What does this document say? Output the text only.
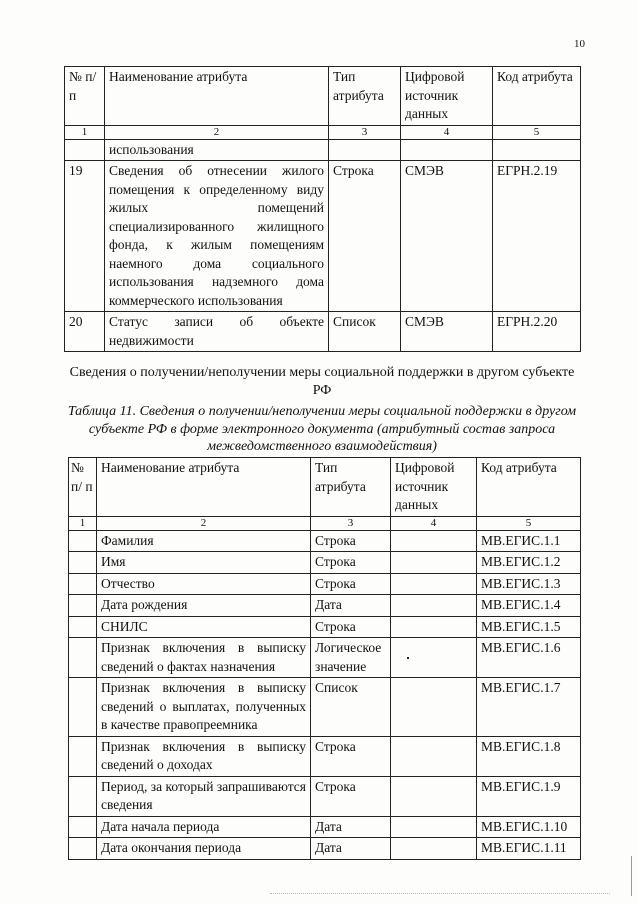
10
№ п/п	Наименование атрибута	Тип атрибута	Цифровой источник данных	Код атрибута
1	2	3	4	5
	использования			
19	Сведения об отнесении жилого помещения к определенному виду жилых помещений специализированного жилищного фонда, к жилым помещениям наемного дома социального использования надземного дома коммерческого использования	Строка	СМЭВ	ЕГРН.2.19
20	Статус записи об объекте недвижимости	Список	СМЭВ	ЕГРН.2.20
Сведения о получении/неполучении меры социальной поддержки в другом субъекте РФ
Таблица 11. Сведения о получении/неполучении меры социальной поддержки в другом субъекте РФ в форме электронного документа (атрибутный состав запроса межведомственного взаимодействия)
№ п/ п	Наименование атрибута	Тип атрибута	Цифровой источник данных	Код атрибута
1	2	3	4	5
	Фамилия	Строка		МВ.ЕГИС.1.1
	Имя	Строка		МВ.ЕГИС.1.2
	Отчество	Строка		МВ.ЕГИС.1.3
	Дата рождения	Дата		МВ.ЕГИС.1.4
	СНИЛС	Строка		МВ.ЕГИС.1.5
	Признак включения в выписку сведений о фактах назначения	Логическое значение		МВ.ЕГИС.1.6
	Признак включения в выписку сведений о выплатах, полученных в качестве правопреемника	Список		МВ.ЕГИС.1.7
	Признак включения в выписку сведений о доходах	Строка		МВ.ЕГИС.1.8
	Период, за который запрашиваются сведения	Строка		МВ.ЕГИС.1.9
	Дата начала периода	Дата		МВ.ЕГИС.1.10
	Дата окончания периода	Дата		МВ.ЕГИС.1.11
